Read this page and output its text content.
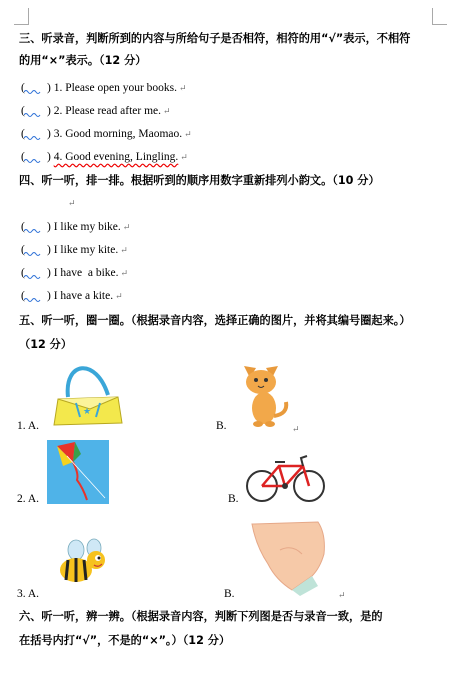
三、听录音，判断所到的内容与所给句子是否相符，相符的用“√”表示，不相符
的用“×”表示。（12 分）
( ) 1. Please open your books. ↵
( ) 2. Please read after me. ↵
( ) 3. Good morning, Maomao. ↵
( ) 4. Good evening, Lingling. ↵
四、听一听，排一排。根据听到的顺序用数字重新排列小韵文。（10 分）
↵
( ) I like my bike. ↵
( ) I like my kite. ↵
( ) I have  a bike. ↵
( ) I have a kite. ↵
五、听一听，圈一圈。（根据录音内容，选择正确的图片，并将其编号圈起来。）
（12 分）
1. A.
★
B.	↵
2. A.	B.
3. A.	B.	↵
六、听一听，辨一辨。（根据录音内容，判断下列图是否与录音一致，是的
在括号内打“√”，不是的“×”。）（12 分）
